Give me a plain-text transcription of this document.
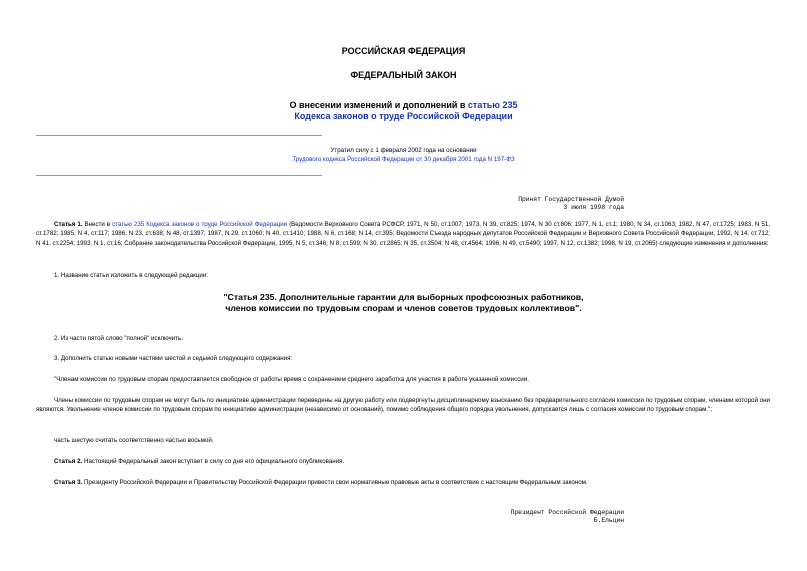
РОССИЙСКАЯ ФЕДЕРАЦИЯ
ФЕДЕРАЛЬНЫЙ ЗАКОН
О внесении изменений и дополнений в статью 235
Кодекса законов о труде Российской Федерации
Утратил силу с 1 февраля 2002 года на основании
Трудового кодекса Российской Федерации от 30 декабря 2001 года N 197-ФЗ
Принят Государственной Думой
3 июля 1998 года
Статья 1. Внести в статью 235 Кодекса законов о труде Российской Федерации (Ведомости Верховного Совета РСФСР, 1971, N 50, ст.1007; 1973, N 39, ст.825; 1974, N 30 ст.806; 1977, N 1, ст.1; 1980, N 34, ст.1063; 1982, N 47, ст.1725; 1983, N 51, ст.1782; 1985, N 4, ст.117; 1986, N 23, ст.638; N 48, ст.1397; 1987, N 29, ст.1060; N 40, ст.1410; 1988, N 6, ст.168; N 14, ст.395; Ведомости Съезда народных депутатов Российской Федерации и Верховного Совета Российской Федерации, 1992, N 14, ст.712; N 41, ст.2254; 1993, N 1, ст.16; Собрание законодательства Российской Федерации, 1995, N 5, ст.346; N 8, ст.599; N 30, ст.2865; N 35, ст.3504; N 48, ст.4564; 1996, N 49, ст.5490; 1997, N 12, ст.1382; 1998, N 19, ст.2065) следующие изменения и дополнения:
1. Название статьи изложить в следующей редакции:
"Статья 235. Дополнительные гарантии для выборных профсоюзных работников,
членов комиссии по трудовым спорам и членов советов трудовых коллективов".
2. Из части пятой слово "полной" исключить.
3. Дополнить статью новыми частями шестой и седьмой следующего содержания:
"Членам комиссии по трудовым спорам предоставляется свободное от работы время с сохранением среднего заработка для участия в работе указанной комиссии.
Члены комиссии по трудовым спорам не могут быть по инициативе администрации переведены на другую работу или подвергнуты дисциплинарному взысканию без предварительного согласия комиссии по трудовым спорам, членами которой они являются. Увольнение членов комиссии по трудовым спорам по инициативе администрации (независимо от оснований), помимо соблюдения общего порядка увольнения, допускается лишь с согласия комиссии по трудовым спорам.";
часть шестую считать соответственно частью восьмой.
Статья 2. Настоящий Федеральный закон вступает в силу со дня его официального опубликования.
Статья 3. Президенту Российской Федерации и Правительству Российской Федерации привести свои нормативные правовые акты в соответствие с настоящим Федеральным законом.
Президент Российской Федерации
Б.Ельцин
